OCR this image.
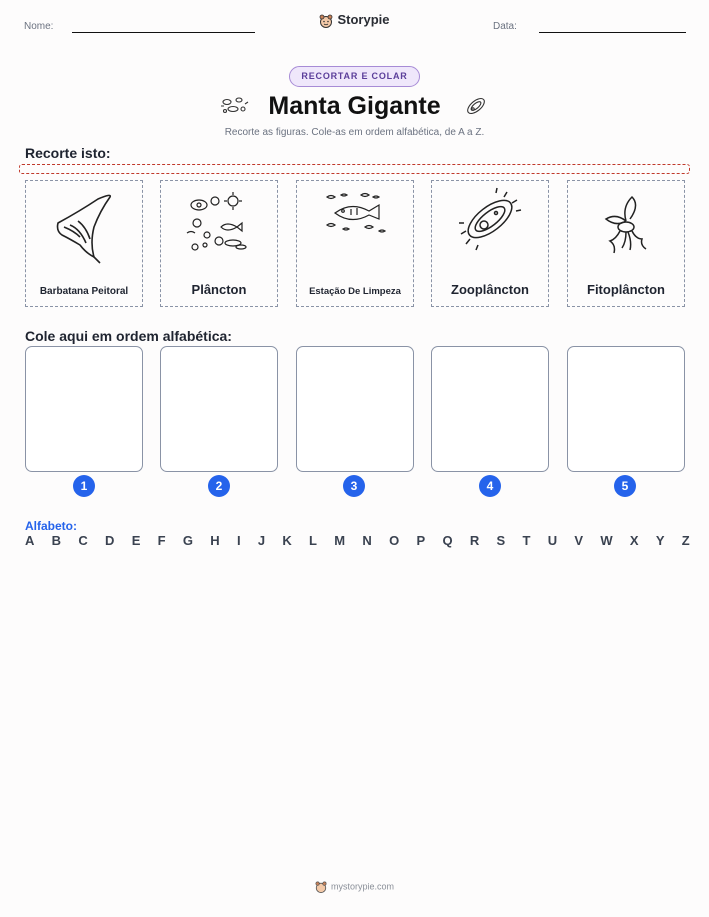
Nome:	Storypie	Data:
RECORTAR E COLAR
Manta Gigante
Recorte as figuras. Cole-as em ordem alfabética, de A a Z.
Recorte isto:
Barbatana Peitoral	Plâncton	Estação De Limpeza	Zooplâncton	Fitoplâncton
Cole aqui em ordem alfabética:
1	2	3	4	5
Alfabeto:
A B C D E F G H I J K L M N O P Q R S T U V W X Y Z
mystorypie.com
